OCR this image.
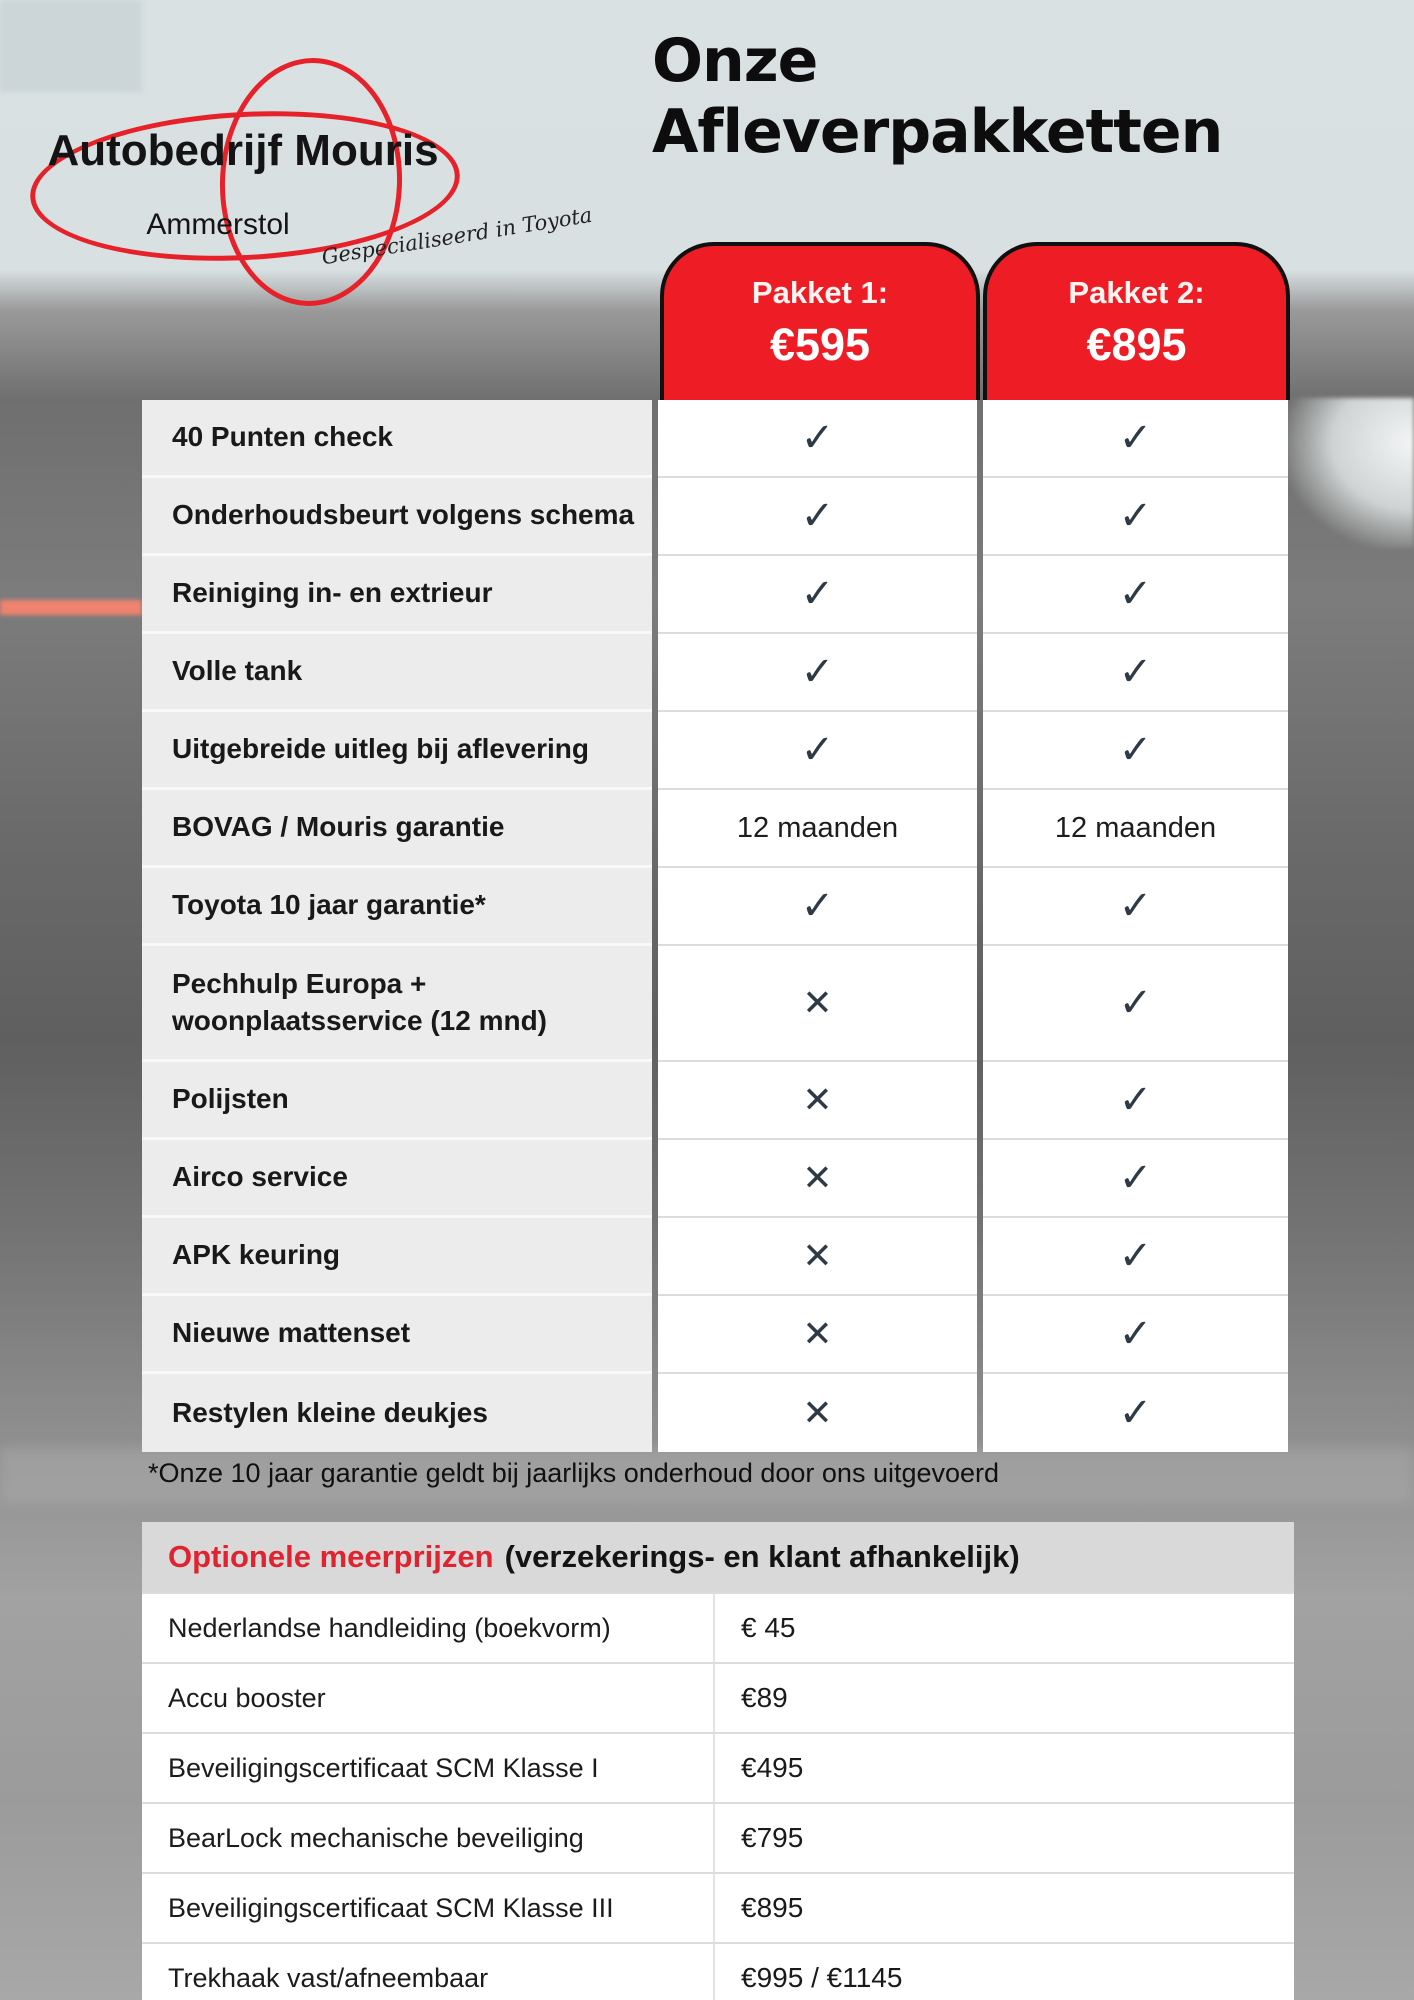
Autobedrijf Mouris
Ammerstol	Gespecialiseerd in Toyota
Onze
Afleverpakketten
Pakket 1:
€595
Pakket 2:
€895
40 Punten check	✓	✓
Onderhoudsbeurt volgens schema	✓	✓
Reiniging in- en extrieur	✓	✓
Volle tank	✓	✓
Uitgebreide uitleg bij aflevering	✓	✓
BOVAG / Mouris garantie	12 maanden	12 maanden
Toyota 10 jaar garantie*	✓	✓
Pechhulp Europa + woonplaatsservice (12 mnd)	✕	✓
Polijsten	✕	✓
Airco service	✕	✓
APK keuring	✕	✓
Nieuwe mattenset	✕	✓
Restylen kleine deukjes	✕	✓
*Onze 10 jaar garantie geldt bij jaarlijks onderhoud door ons uitgevoerd
Optionele meerprijzen (verzekerings- en klant afhankelijk)
Nederlandse handleiding (boekvorm)	€ 45
Accu booster	€89
Beveiligingscertificaat SCM Klasse I	€495
BearLock mechanische beveiliging	€795
Beveiligingscertificaat SCM Klasse III	€895
Trekhaak vast/afneembaar	€995 / €1145
